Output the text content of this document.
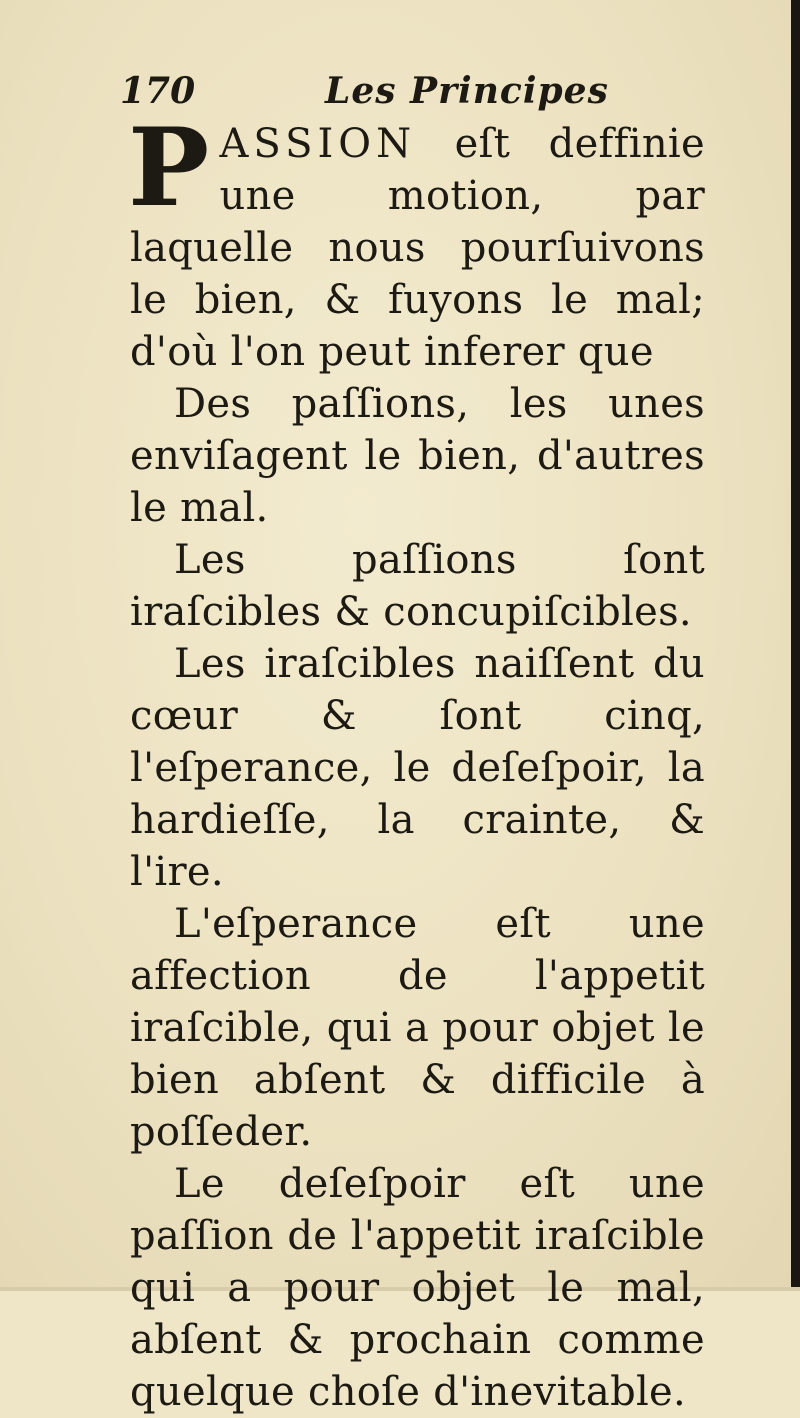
170	Les Principes

PASSION eſt deffinie une motion, par laquelle nous pourſuivons le bien, & fuyons le mal; d'où l'on peut inferer que

Des paſſions, les unes enviſagent le bien, d'autres le mal.

Les paſſions ſont iraſcibles & concupiſcibles.

Les iraſcibles naiſſent du cœur & ſont cinq, l'eſperance, le deſeſpoir, la hardieſſe, la crainte, & l'ire.

L'eſperance eſt une affection de l'appetit iraſcible, qui a pour objet le bien abſent & difficile à poſſeder.

Le deſeſpoir eſt une paſſion de l'appetit iraſcible qui a pour objet le mal, abſent & prochain comme quelque choſe d'inevitable.
